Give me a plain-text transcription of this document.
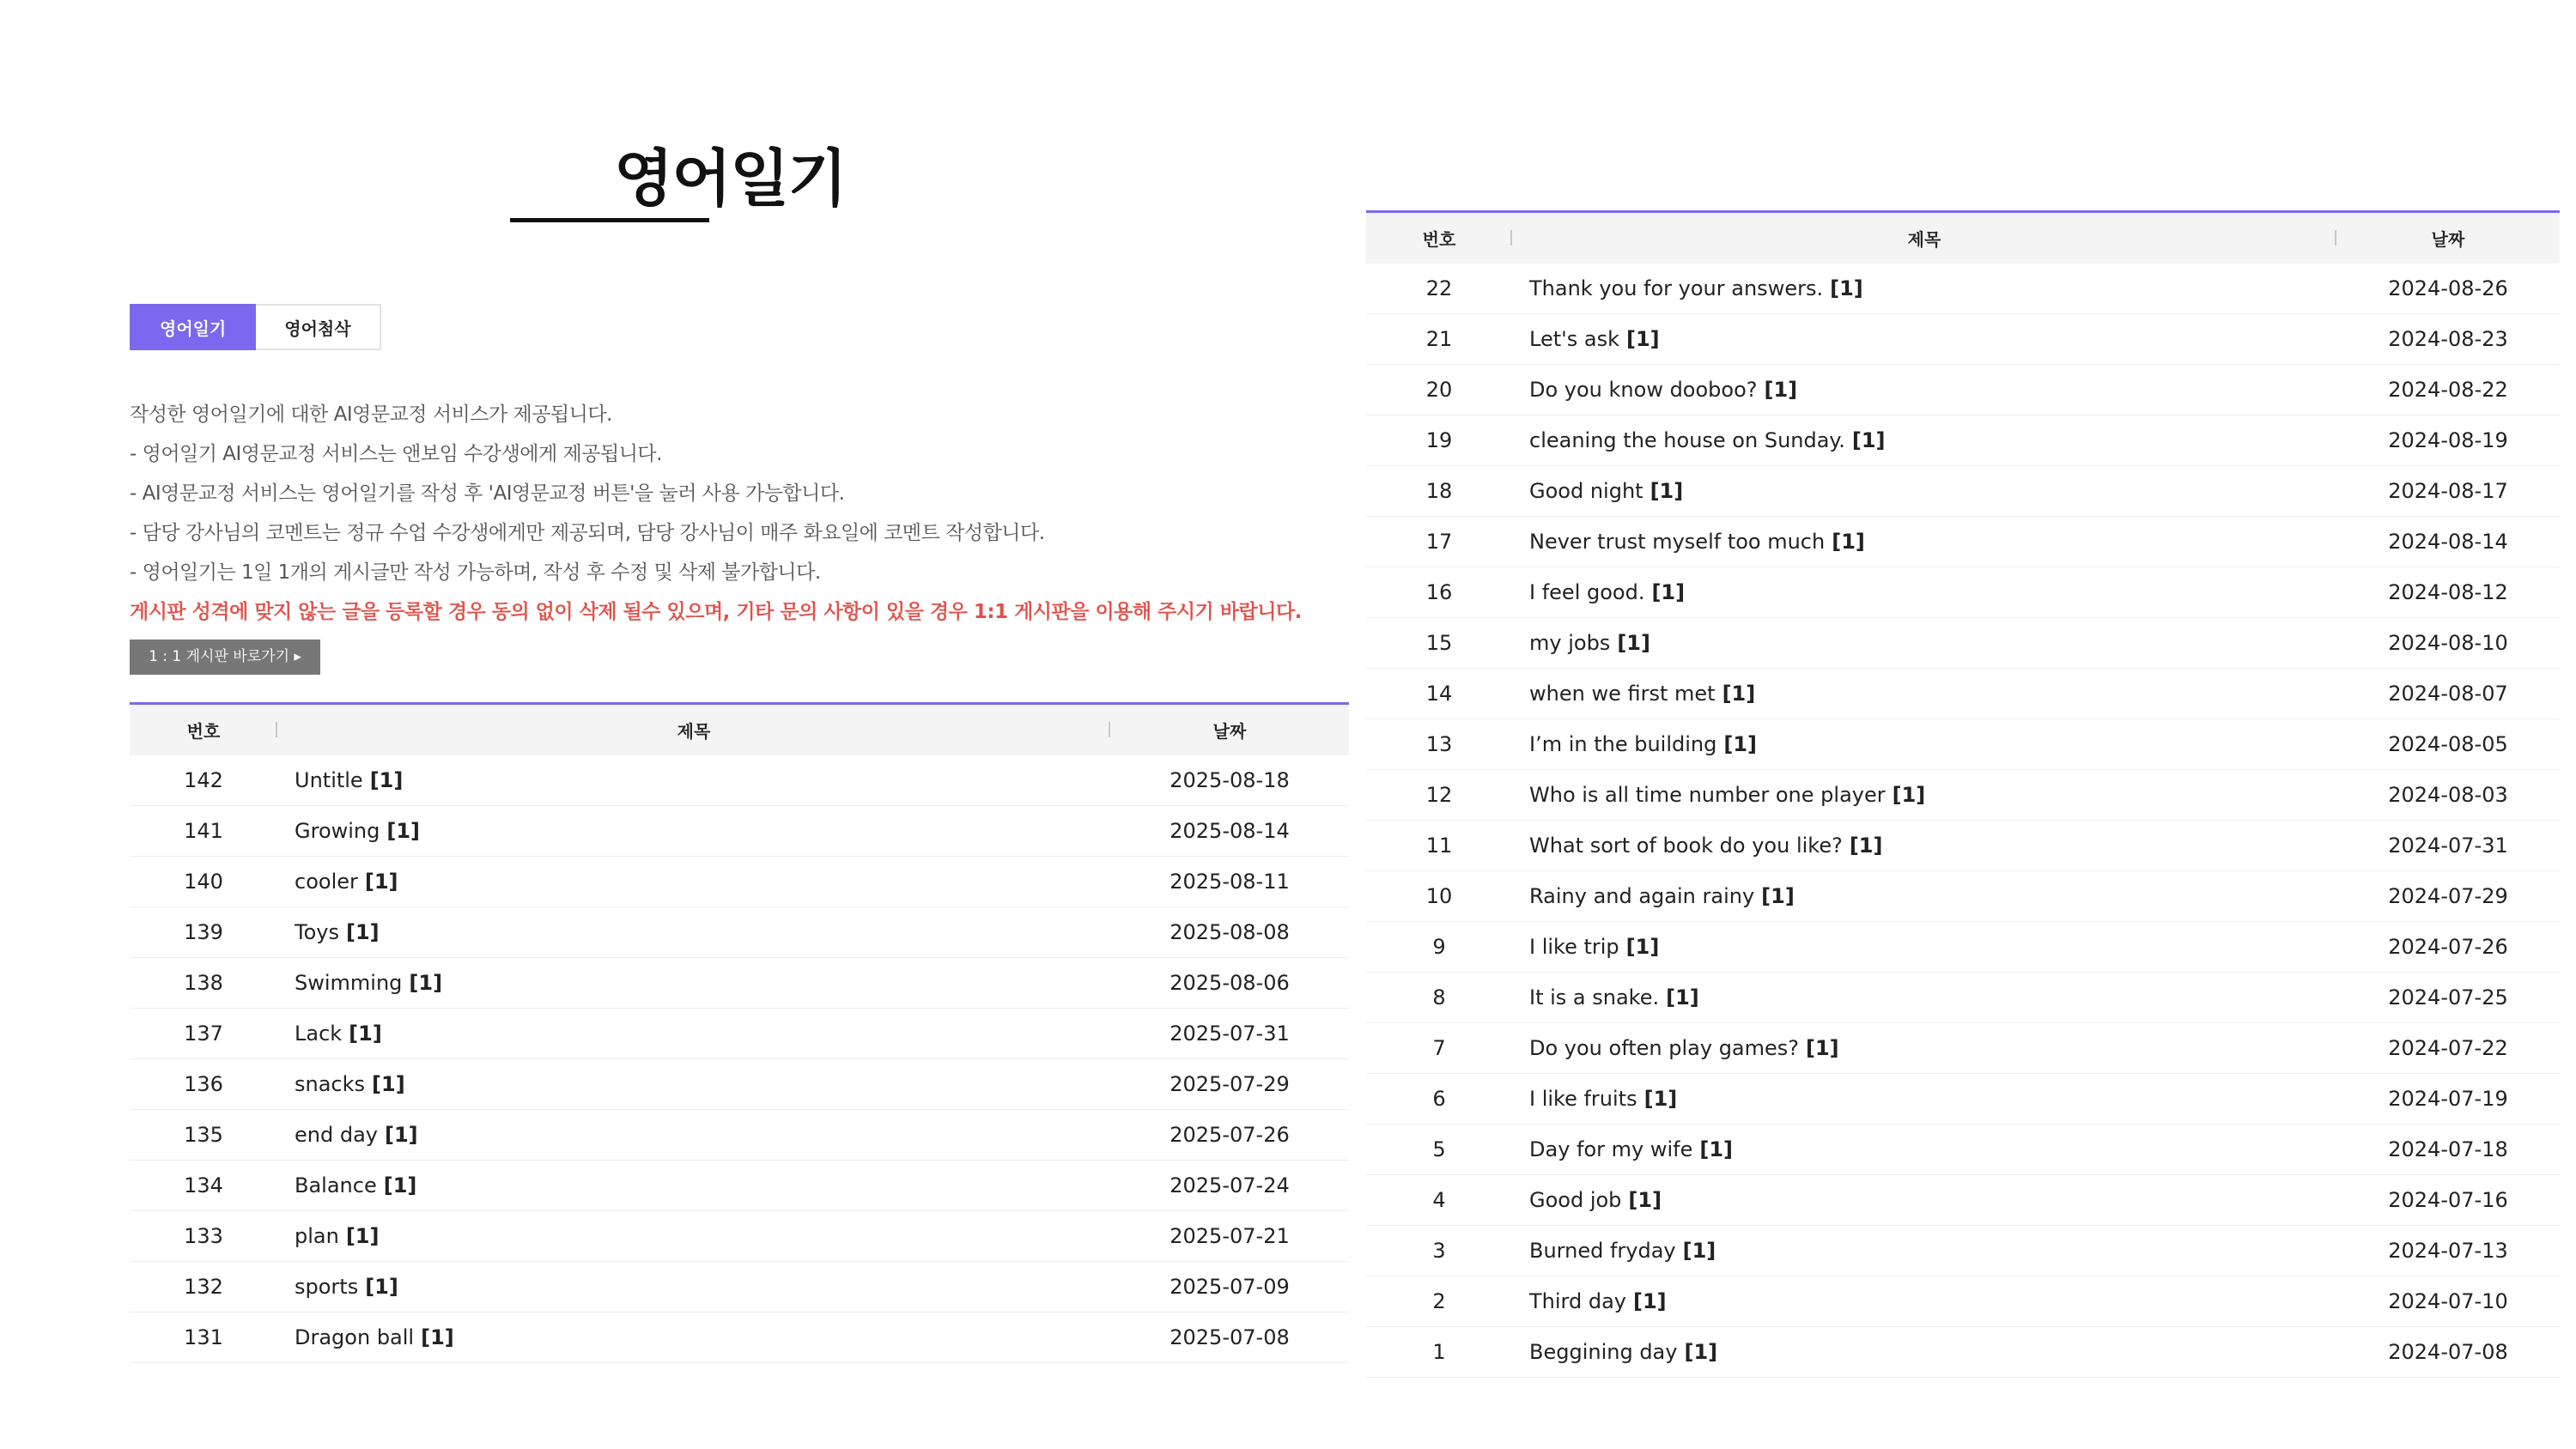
영어일기
영어일기	영어첨삭

작성한 영어일기에 대한 AI영문교정 서비스가 제공됩니다.

- 영어일기 AI영문교정 서비스는 앤보임 수강생에게 제공됩니다.

- AI영문교정 서비스는 영어일기를 작성 후 'AI영문교정 버튼'을 눌러 사용 가능합니다.

- 담당 강사님의 코멘트는 정규 수업 수강생에게만 제공되며, 담당 강사님이 매주 화요일에 코멘트 작성합니다.

- 영어일기는 1일 1개의 게시글만 작성 가능하며, 작성 후 수정 및 삭제 불가합니다.

게시판 성격에 맞지 않는 글을 등록할 경우 동의 없이 삭제 될수 있으며, 기타 문의 사항이 있을 경우 1:1 게시판을 이용해 주시기 바랍니다.

1 : 1 게시판 바로가기 ▸
번호	제목	날짜
142	Untitle [1]	2025-08-18
141	Growing [1]	2025-08-14
140	cooler [1]	2025-08-11
139	Toys [1]	2025-08-08
138	Swimming [1]	2025-08-06
137	Lack [1]	2025-07-31
136	snacks [1]	2025-07-29
135	end day [1]	2025-07-26
134	Balance [1]	2025-07-24
133	plan [1]	2025-07-21
132	sports [1]	2025-07-09
131	Dragon ball [1]	2025-07-08
번호	제목	날짜
22	Thank you for your answers. [1]	2024-08-26
21	Let's ask [1]	2024-08-23
20	Do you know dooboo? [1]	2024-08-22
19	cleaning the house on Sunday. [1]	2024-08-19
18	Good night [1]	2024-08-17
17	Never trust myself too much [1]	2024-08-14
16	I feel good. [1]	2024-08-12
15	my jobs [1]	2024-08-10
14	when we first met [1]	2024-08-07
13	I’m in the building [1]	2024-08-05
12	Who is all time number one player [1]	2024-08-03
11	What sort of book do you like? [1]	2024-07-31
10	Rainy and again rainy [1]	2024-07-29
9	I like trip [1]	2024-07-26
8	It is a snake. [1]	2024-07-25
7	Do you often play games? [1]	2024-07-22
6	I like fruits [1]	2024-07-19
5	Day for my wife [1]	2024-07-18
4	Good job [1]	2024-07-16
3	Burned fryday [1]	2024-07-13
2	Third day [1]	2024-07-10
1	Beggining day [1]	2024-07-08
